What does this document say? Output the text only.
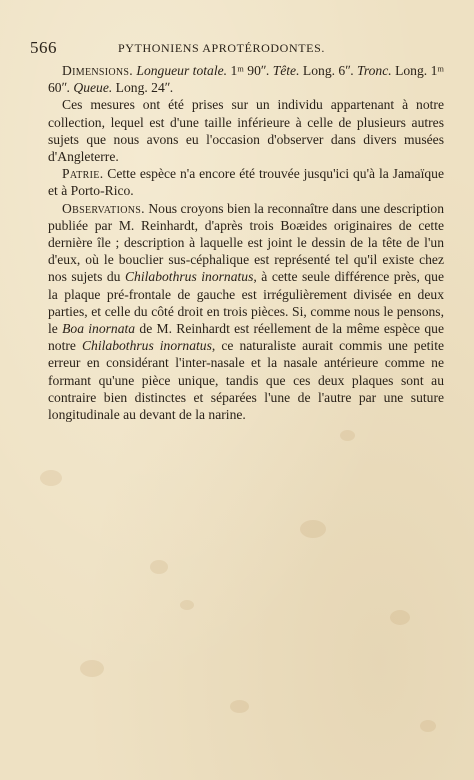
566	PYTHONIENS APROTÉRODONTES.

Dimensions. Longueur totale. 1ᵐ 90ʺ. Tête. Long. 6ʺ. Tronc. Long. 1ᵐ 60ʺ. Queue. Long. 24ʺ.

Ces mesures ont été prises sur un individu appartenant à notre collection, lequel est d'une taille inférieure à celle de plusieurs autres sujets que nous avons eu l'occasion d'observer dans divers musées d'Angleterre.

Patrie. Cette espèce n'a encore été trouvée jusqu'ici qu'à la Jamaïque et à Porto-Rico.

Observations. Nous croyons bien la reconnaître dans une description publiée par M. Reinhardt, d'après trois Boæides originaires de cette dernière île ; description à laquelle est joint le dessin de la tête de l'un d'eux, où le bouclier sus-céphalique est représenté tel qu'il existe chez nos sujets du Chilabothrus inornatus, à cette seule différence près, que la plaque pré-frontale de gauche est irrégulièrement divisée en deux parties, et celle du côté droit en trois pièces. Si, comme nous le pensons, le Boa inornata de M. Reinhardt est réellement de la même espèce que notre Chilabothrus inornatus, ce naturaliste aurait commis une petite erreur en considérant l'inter-nasale et la nasale antérieure comme ne formant qu'une pièce unique, tandis que ces deux plaques sont au contraire bien distinctes et séparées l'une de l'autre par une suture longitudinale au devant de la narine.
